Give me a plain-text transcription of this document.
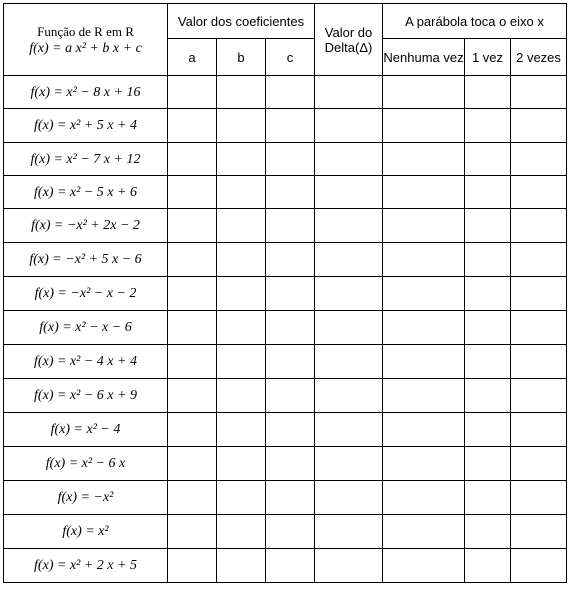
Função de R em R
f(x) = a x² + b x + c	Valor dos coeficientes			Valor do Delta(Δ)	A parábola toca o eixo x		
	a	b	c		Nenhuma vez	1 vez	2 vezes
f(x) = x² − 8 x + 16							
f(x) = x² + 5 x + 4							
f(x) = x² − 7 x + 12							
f(x) = x² − 5 x + 6							
f(x) = −x² + 2x − 2							
f(x) = −x² + 5 x − 6							
f(x) = −x² − x − 2							
f(x) = x² − x − 6							
f(x) = x² − 4 x + 4							
f(x) = x² − 6 x + 9							
f(x) = x² − 4							
f(x) = x² − 6 x							
f(x) = −x²							
f(x) = x²							
f(x) = x² + 2 x + 5							
